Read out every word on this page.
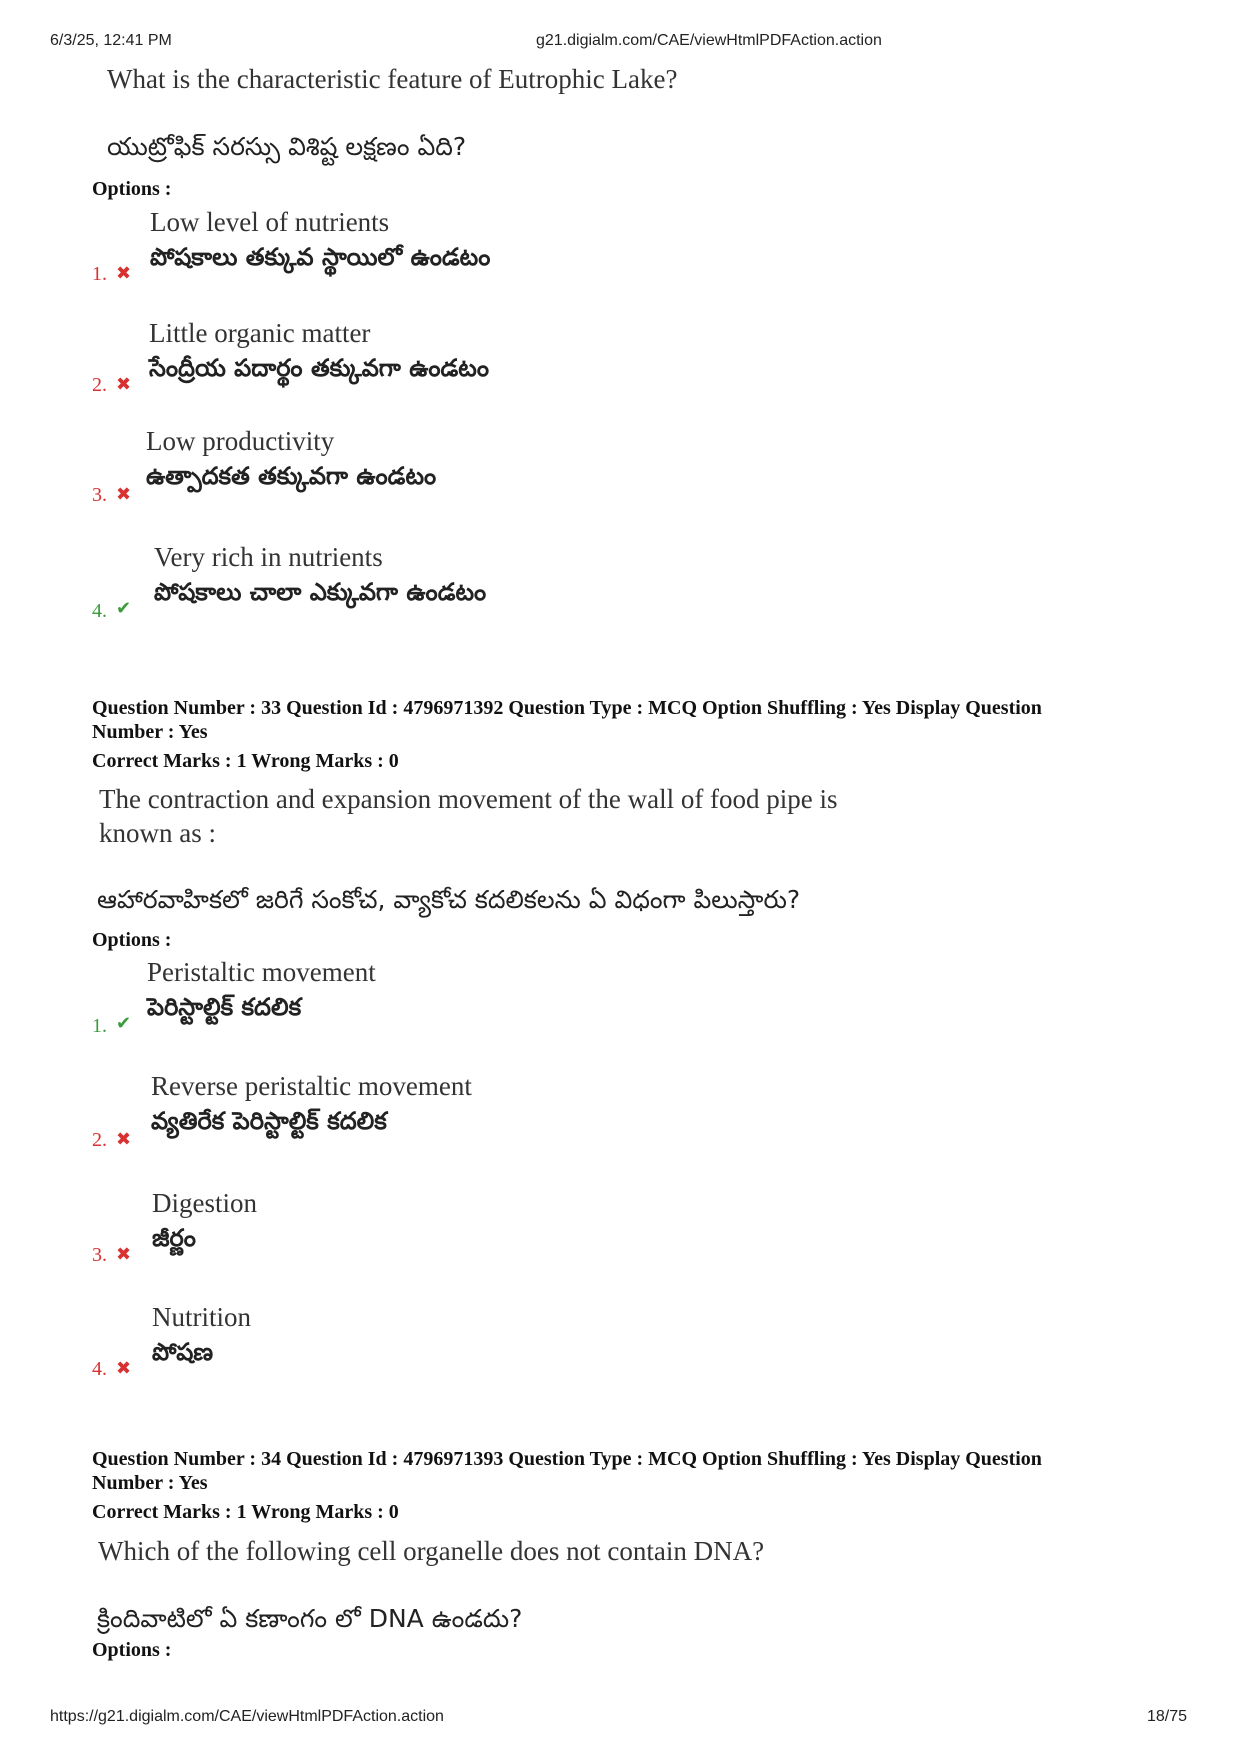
6/3/25, 12:41 PM	g21.digialm.com/CAE/viewHtmlPDFAction.action
What is the characteristic feature of Eutrophic Lake?
యుట్రోఫిక్ సరస్సు విశిష్ట లక్షణం ఏది?
Options :
1. ✖
Low level of nutrients
పోషకాలు తక్కువ స్థాయిలో ఉండటం
2. ✖
Little organic matter
సేంద్రీయ పదార్థం తక్కువగా ఉండటం
3. ✖
Low productivity
ఉత్పాదకత తక్కువగా ఉండటం
4. ✔
Very rich in nutrients
పోషకాలు చాలా ఎక్కువగా ఉండటం
Question Number : 33 Question Id : 4796971392 Question Type : MCQ Option Shuffling : Yes Display Question
Number : Yes
Correct Marks : 1 Wrong Marks : 0
The contraction and expansion movement of the wall of food pipe is
known as :
ఆహారవాహికలో జరిగే సంకోచ, వ్యాకోచ కదలికలను ఏ విధంగా పిలుస్తారు?
Options :
1. ✔
Peristaltic movement
పెరిస్టాల్టిక్ కదలిక
2. ✖
Reverse peristaltic movement
వ్యతిరేక పెరిస్టాల్టిక్ కదలిక
3. ✖
Digestion
జీర్ణం
4. ✖
Nutrition
పోషణ
Question Number : 34 Question Id : 4796971393 Question Type : MCQ Option Shuffling : Yes Display Question
Number : Yes
Correct Marks : 1 Wrong Marks : 0
Which of the following cell organelle does not contain DNA?
క్రిందివాటిలో ఏ కణాంగం లో DNA ఉండదు?
Options :
https://g21.digialm.com/CAE/viewHtmlPDFAction.action	18/75
